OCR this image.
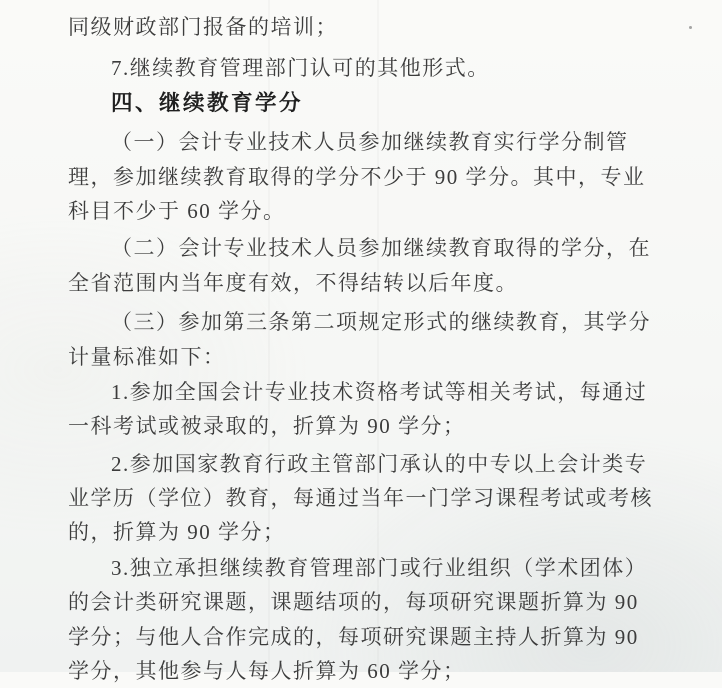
同级财政部门报备的培训；
7.继续教育管理部门认可的其他形式。
四、继续教育学分
（一）会计专业技术人员参加继续教育实行学分制管
理，参加继续教育取得的学分不少于 90 学分。其中，专业
科目不少于 60 学分。
（二）会计专业技术人员参加继续教育取得的学分，在
全省范围内当年度有效，不得结转以后年度。
（三）参加第三条第二项规定形式的继续教育，其学分
计量标准如下：
1.参加全国会计专业技术资格考试等相关考试，每通过
一科考试或被录取的，折算为 90 学分；
2.参加国家教育行政主管部门承认的中专以上会计类专
业学历（学位）教育，每通过当年一门学习课程考试或考核
的，折算为 90 学分；
3.独立承担继续教育管理部门或行业组织（学术团体）
的会计类研究课题，课题结项的，每项研究课题折算为 90
学分；与他人合作完成的，每项研究课题主持人折算为 90
学分，其他参与人每人折算为 60 学分；
